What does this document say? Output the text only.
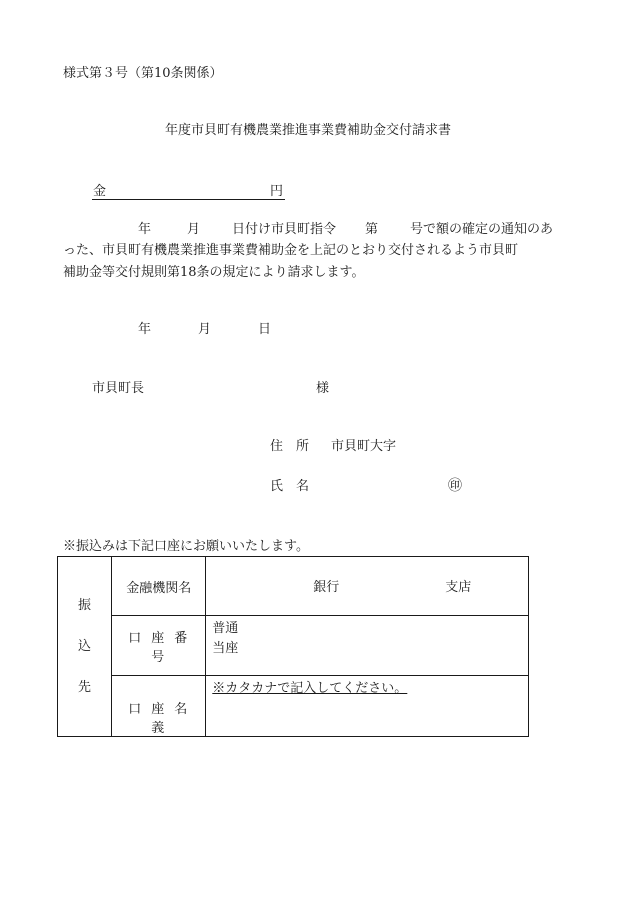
様式第３号（第10条関係）
年度市貝町有機農業推進事業費補助金交付請求書
金	円
年	月 日付け市貝町指令 第 号で額の確定の通知のあ
った、市貝町有機農業推進事業費補助金を上記のとおり交付されるよう市貝町
補助金等交付規則第18条の規定により請求します。
年	月	日
市貝町長	様
住　所 市貝町大字
氏　名	㊞
※振込みは下記口座にお願いいたします。
振
込
先	金融機関名	銀行 支店

	口座番号	普通
当座

	口座名義	※カタカナで記入してください。
